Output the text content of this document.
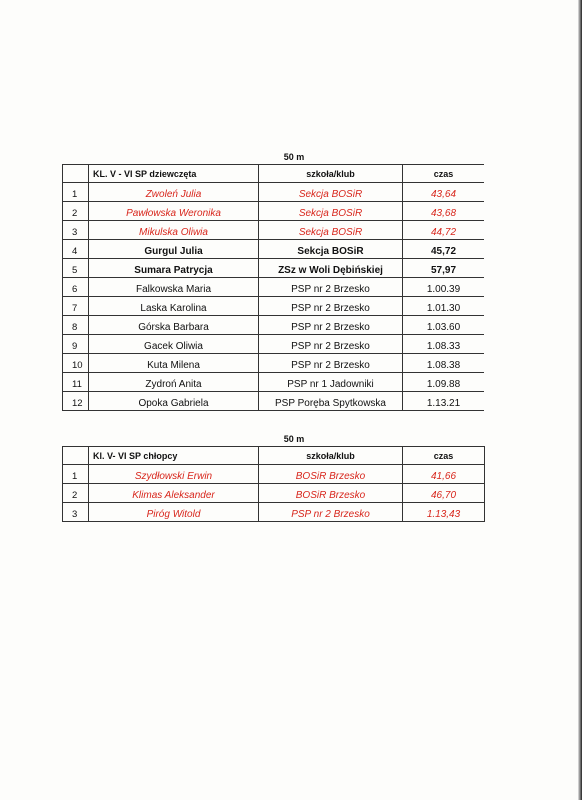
50 m
	KL. V - VI SP dziewczęta	szkoła/klub	czas
1	Zwoleń Julia	Sekcja BOSiR	43,64
2	Pawłowska Weronika	Sekcja BOSiR	43,68
3	Mikulska Oliwia	Sekcja BOSiR	44,72
4	Gurgul Julia	Sekcja BOSiR	45,72
5	Sumara Patrycja	ZSz w Woli Dębińskiej	57,97
6	Falkowska Maria	PSP nr 2 Brzesko	1.00.39
7	Laska Karolina	PSP nr 2 Brzesko	1.01.30
8	Górska Barbara	PSP nr 2 Brzesko	1.03.60
9	Gacek Oliwia	PSP nr 2 Brzesko	1.08.33
10	Kuta Milena	PSP nr 2 Brzesko	1.08.38
11	Zydroń Anita	PSP nr 1 Jadowniki	1.09.88
12	Opoka Gabriela	PSP Poręba Spytkowska	1.13.21
50 m
	Kl. V- VI SP chłopcy	szkoła/klub	czas
1	Szydłowski Erwin	BOSiR Brzesko	41,66
2	Klimas Aleksander	BOSiR Brzesko	46,70
3	Piróg Witold	PSP nr 2 Brzesko	1.13,43
